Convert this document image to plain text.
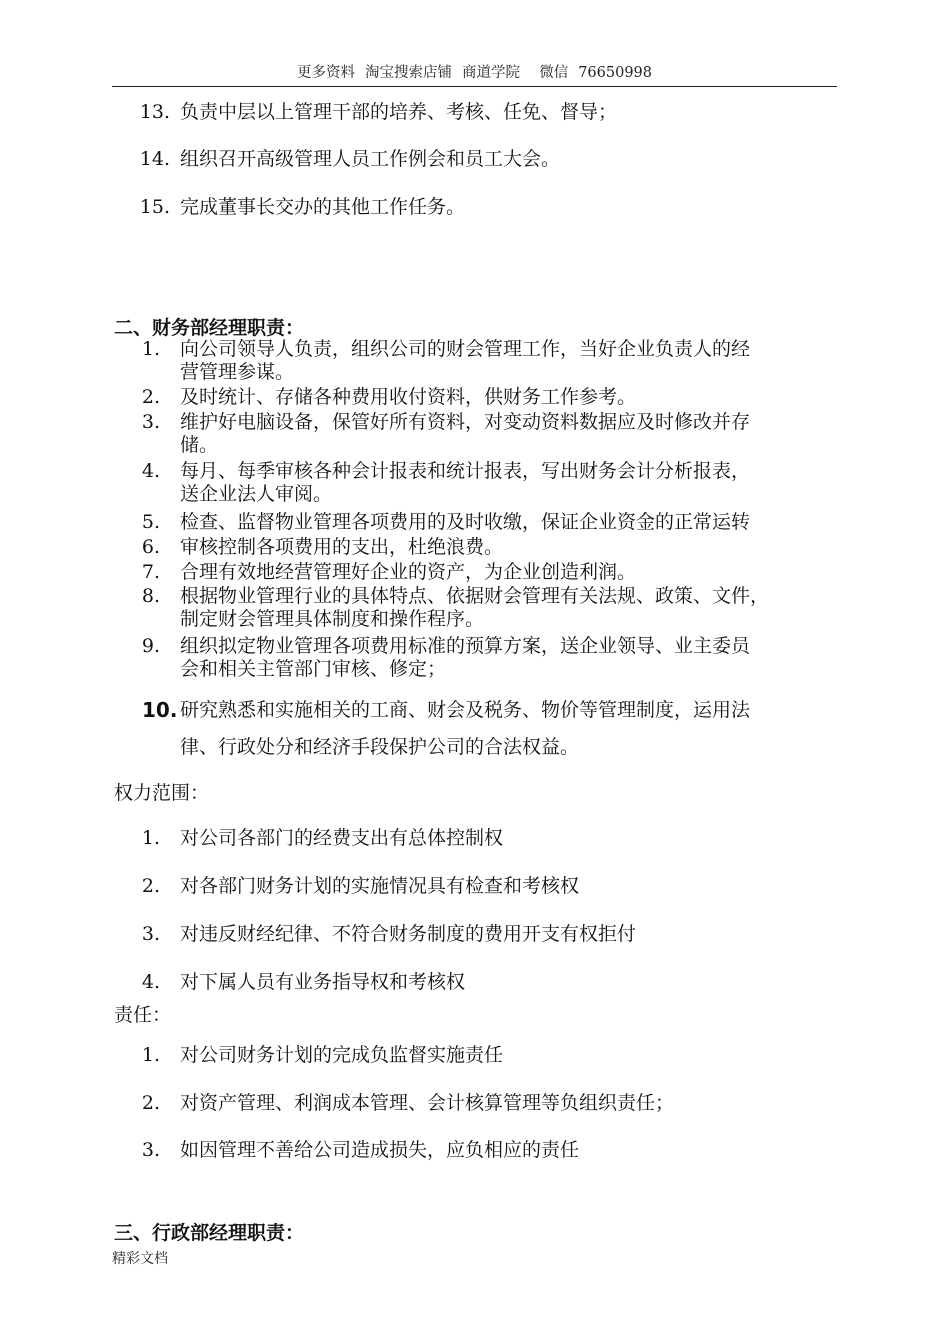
更多资料 淘宝搜索店铺 商道学院 微信 76650998
13. 负责中层以上管理干部的培养、考核、任免、督导；
14. 组织召开高级管理人员工作例会和员工大会。
15. 完成董事长交办的其他工作任务。
二、财务部经理职责：
1. 向公司领导人负责，组织公司的财会管理工作，当好企业负责人的经
营管理参谋。
2. 及时统计、存储各种费用收付资料，供财务工作参考。
3. 维护好电脑设备，保管好所有资料，对变动资料数据应及时修改并存
储。
4. 每月、每季审核各种会计报表和统计报表，写出财务会计分析报表，
送企业法人审阅。
5. 检查、监督物业管理各项费用的及时收缴，保证企业资金的正常运转
6. 审核控制各项费用的支出，杜绝浪费。
7. 合理有效地经营管理好企业的资产，为企业创造利润。
8. 根据物业管理行业的具体特点、依据财会管理有关法规、政策、文件，
制定财会管理具体制度和操作程序。
9. 组织拟定物业管理各项费用标准的预算方案，送企业领导、业主委员
会和相关主管部门审核、修定；
10. 研究熟悉和实施相关的工商、财会及税务、物价等管理制度，运用法
律、行政处分和经济手段保护公司的合法权益。
权力范围：
1. 对公司各部门的经费支出有总体控制权
2. 对各部门财务计划的实施情况具有检查和考核权
3. 对违反财经纪律、不符合财务制度的费用开支有权拒付
4. 对下属人员有业务指导权和考核权
责任：
1. 对公司财务计划的完成负监督实施责任
2. 对资产管理、利润成本管理、会计核算管理等负组织责任；
3. 如因管理不善给公司造成损失，应负相应的责任
三、行政部经理职责：
精彩文档
